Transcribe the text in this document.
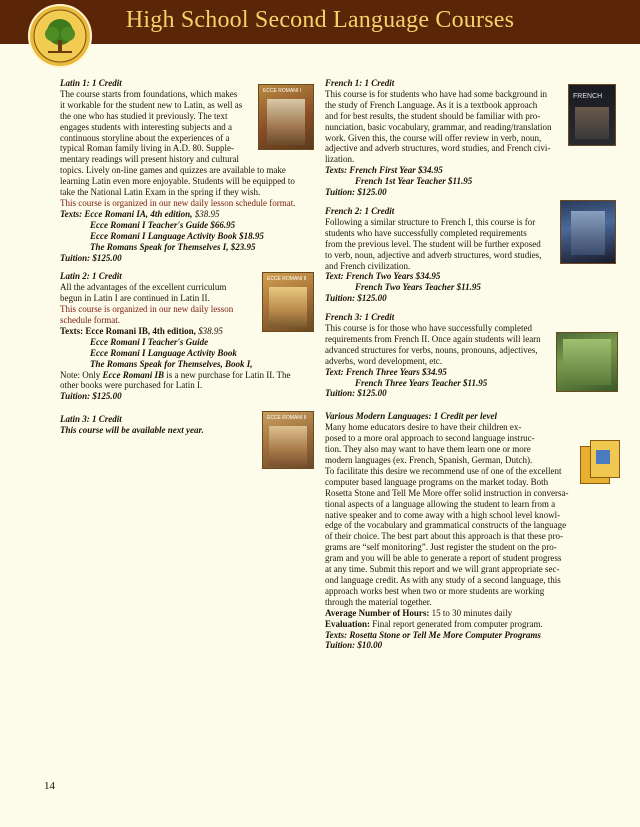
High School Second Language Courses

Latin 1: 1 Credit

The course starts from foundations, which makes

it workable for the student new to Latin, as well as

the one who has studied it previously. The text

engages students with interesting subjects and a

continuous storyline about the experiences of a

typical Roman family living in A.D. 80. Supple-

mentary readings will present history and cultural

topics. Lively on-line games and quizzes are available to make

learning Latin even more enjoyable. Students will be equipped to

take the National Latin Exam in the spring if they wish.

This course is organized in our new daily lesson schedule format.

Texts: Ecce Romani IA, 4th edition, $38.95

Ecce Romani I Teacher's Guide $66.95

Ecce Romani I Language Activity Book $18.95

The Romans Speak for Themselves I, $23.95

Tuition: $125.00

Latin 2: 1 Credit

All the advantages of the excellent curriculum

begun in Latin I are continued in Latin II.

This course is organized in our new daily lesson

schedule format.

Texts: Ecce Romani IB, 4th edition, $38.95

Ecce Romani I Teacher's Guide

Ecce Romani I Language Activity Book

The Romans Speak for Themselves, Book I,

Note: Only Ecce Romani IB is a new purchase for Latin II. The

other books were purchased for Latin I.

Tuition: $125.00

Latin 3: 1 Credit

This course will be available next year.

ECCE ROMANI I
ECCE ROMANI II
ECCE ROMANI II
FRENCH

French 1: 1 Credit

This course is for students who have had some background in

the study of French Language. As it is a textbook approach

and for best results, the student should be familiar with pro-

nunciation, basic vocabulary, grammar, and reading/translation

work. Given this, the course will offer review in verb, noun,

adjective and adverb structures, word studies, and French civi-

lization.

Texts: French First Year $34.95

French 1st Year Teacher $11.95

Tuition: $125.00

French 2: 1 Credit

Following a similar structure to French I, this course is for

students who have successfully completed requirements

from the previous level. The student will be further exposed

to verb, noun, adjective and adverb structures, word studies,

and French civilization.

Text: French Two Years $34.95

French Two Years Teacher $11.95

Tuition: $125.00

French 3: 1 Credit

This course is for those who have successfully completed

requirements from French II. Once again students will learn

advanced structures for verbs, nouns, pronouns, adjectives,

adverbs, word development, etc.

Text: French Three Years $34.95

French Three Years Teacher $11.95

Tuition: $125.00

Various Modern Languages: 1 Credit per level

Many home educators desire to have their children ex-

posed to a more oral approach to second language instruc-

tion. They also may want to have them learn one or more

modern languages (ex. French, Spanish, German, Dutch).

To facilitate this desire we recommend use of one of the excellent

computer based language programs on the market today. Both

Rosetta Stone and Tell Me More offer solid instruction in conversa-

tional aspects of a language allowing the student to learn from a

native speaker and to come away with a high school level knowl-

edge of the vocabulary and grammatical constructs of the language

of their choice. The best part about this approach is that these pro-

grams are “self monitoring”. Just register the student on the pro-

gram and you will be able to generate a report of student progress

at any time. Submit this report and we will grant appropriate sec-

ond language credit. As with any study of a second language, this

approach works best when two or more students are working

through the material together.

Average Number of Hours: 15 to 30 minutes daily

Evaluation: Final report generated from computer program.

Texts: Rosetta Stone or Tell Me More Computer Programs

Tuition: $10.00

14
